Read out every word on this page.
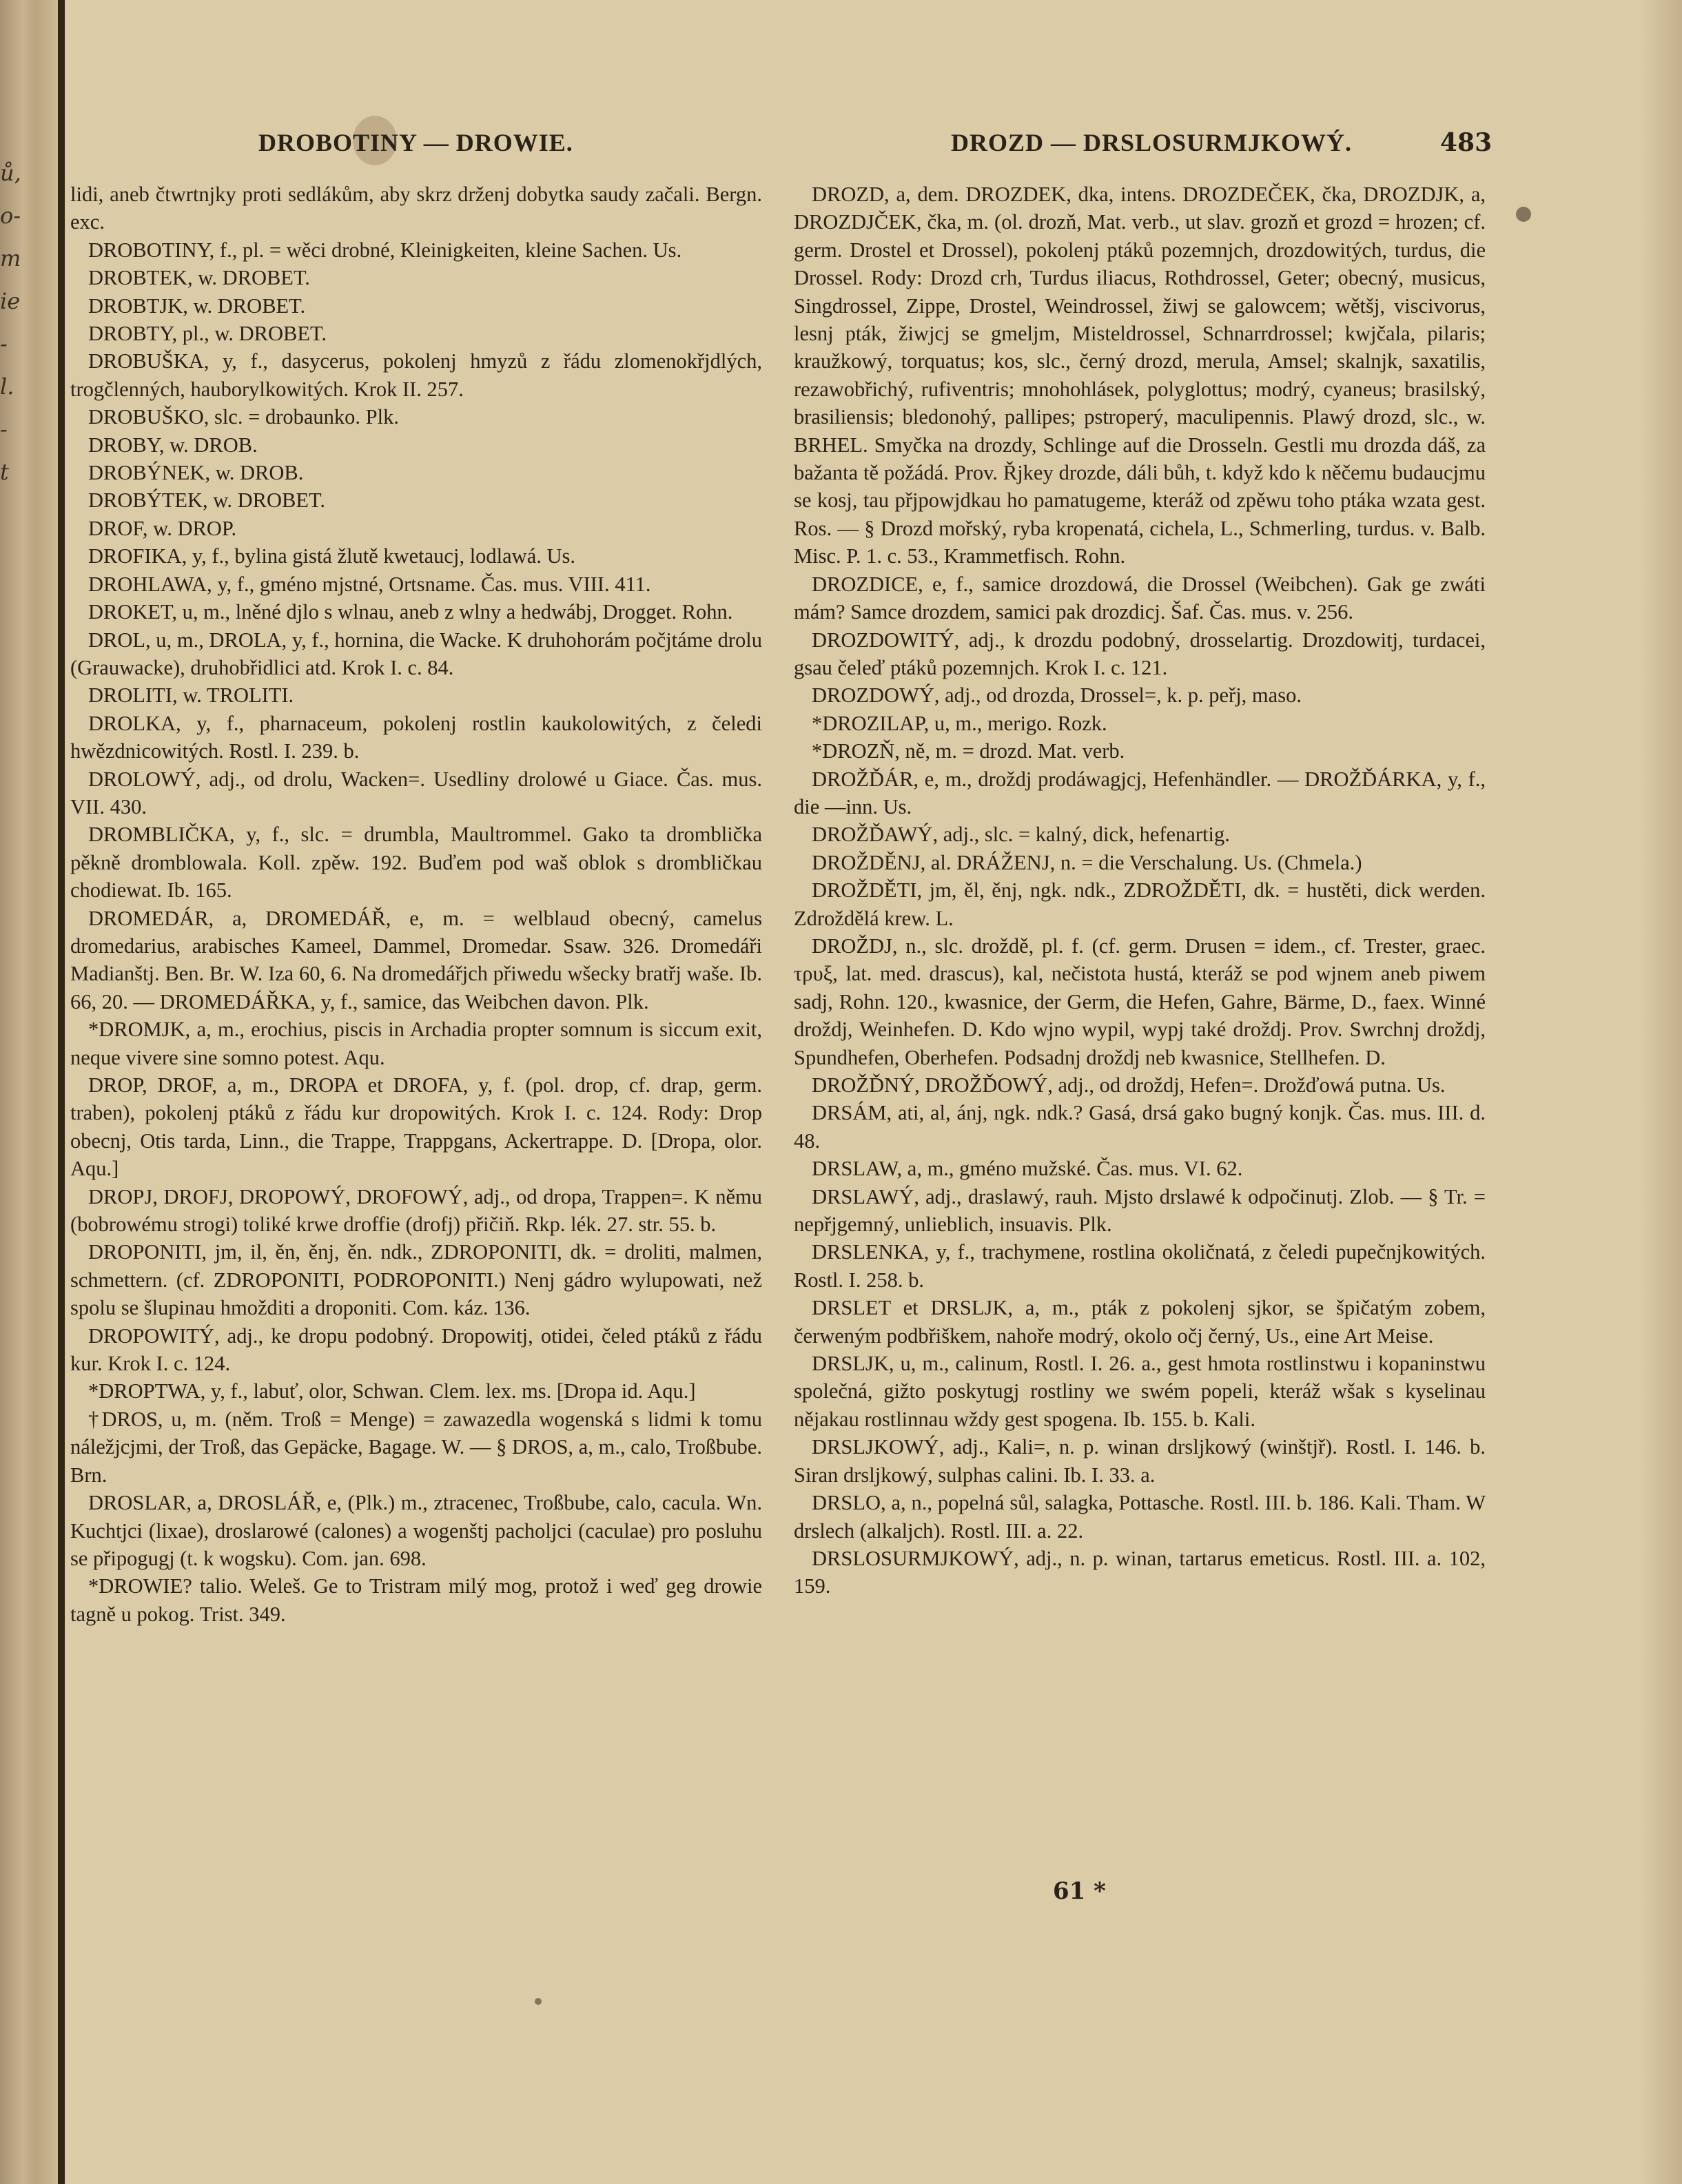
ů,
o-
m
ie
-
l.
-
t
DROBOTINY — DROWIE.	DROZD — DRSLOSURMJKOWÝ.	483

lidi, aneb čtwrtnjky proti sedlákům, aby skrz drženj dobytka saudy začali. Bergn. exc.

DROBOTINY, f., pl. = wěci drobné, Kleinigkeiten, kleine Sachen. Us.

DROBTEK, w. DROBET.

DROBTJK, w. DROBET.

DROBTY, pl., w. DROBET.

DROBUŠKA, y, f., dasycerus, pokolenj hmyzů z řádu zlomenokřjdlých, trogčlenných, hauborylkowitých. Krok II. 257.

DROBUŠKO, slc. = drobaunko. Plk.

DROBY, w. DROB.

DROBÝNEK, w. DROB.

DROBÝTEK, w. DROBET.

DROF, w. DROP.

DROFIKA, y, f., bylina gistá žlutě kwetaucj, lodlawá. Us.

DROHLAWA, y, f., gméno mjstné, Ortsname. Čas. mus. VIII. 411.

DROKET, u, m., lněné djlo s wlnau, aneb z wlny a hedwábj, Drogget. Rohn.

DROL, u, m., DROLA, y, f., hornina, die Wacke. K druhohorám počjtáme drolu (Grauwacke), druhobřidlici atd. Krok I. c. 84.

DROLITI, w. TROLITI.

DROLKA, y, f., pharnaceum, pokolenj rostlin kaukolowitých, z čeledi hwězdnicowitých. Rostl. I. 239. b.

DROLOWÝ, adj., od drolu, Wacken=. Usedliny drolowé u Giace. Čas. mus. VII. 430.

DROMBLIČKA, y, f., slc. = drumbla, Maultrommel. Gako ta dromblička pěkně dromblowala. Koll. zpěw. 192. Buďem pod waš oblok s drombličkau chodiewat. Ib. 165.

DROMEDÁR, a, DROMEDÁŘ, e, m. = welblaud obecný, camelus dromedarius, arabisches Kameel, Dammel, Dromedar. Ssaw. 326. Dromedáři Madianštj. Ben. Br. W. Iza 60, 6. Na dromedářjch přiwedu wšecky bratřj waše. Ib. 66, 20. — DROMEDÁŘKA, y, f., samice, das Weibchen davon. Plk.

*DROMJK, a, m., erochius, piscis in Archadia propter somnum is siccum exit, neque vivere sine somno potest. Aqu.

DROP, DROF, a, m., DROPA et DROFA, y, f. (pol. drop, cf. drap, germ. traben), pokolenj ptáků z řádu kur dropowitých. Krok I. c. 124. Rody: Drop obecnj, Otis tarda, Linn., die Trappe, Trappgans, Ackertrappe. D. [Dropa, olor. Aqu.]

DROPJ, DROFJ, DROPOWÝ, DROFOWÝ, adj., od dropa, Trappen=. K němu (bobrowému strogi) toliké krwe droffie (drofj) přičiň. Rkp. lék. 27. str. 55. b.

DROPONITI, jm, il, ěn, ěnj, ěn. ndk., ZDROPONITI, dk. = droliti, malmen, schmettern. (cf. ZDROPONITI, PODROPONITI.) Nenj gádro wylupowati, než spolu se šlupinau hmožditi a droponiti. Com. káz. 136.

DROPOWITÝ, adj., ke dropu podobný. Dropowitj, otidei, čeled ptáků z řádu kur. Krok I. c. 124.

*DROPTWA, y, f., labuť, olor, Schwan. Clem. lex. ms. [Dropa id. Aqu.]

†DROS, u, m. (něm. Troß = Menge) = zawazedla wogenská s lidmi k tomu náležjcjmi, der Troß, das Gepäcke, Bagage. W. — § DROS, a, m., calo, Troßbube. Brn.

DROSLAR, a, DROSLÁŘ, e, (Plk.) m., ztracenec, Troßbube, calo, cacula. Wn. Kuchtjci (lixae), droslarowé (calones) a wogenštj pacholjci (caculae) pro posluhu se připogugj (t. k wogsku). Com. jan. 698.

*DROWIE? talio. Weleš. Ge to Tristram milý mog, protož i weď geg drowie tagně u pokog. Trist. 349.

DROZD, a, dem. DROZDEK, dka, intens. DROZDEČEK, čka, DROZDJK, a, DROZDJČEK, čka, m. (ol. drozň, Mat. verb., ut slav. grozň et grozd = hrozen; cf. germ. Drostel et Drossel), pokolenj ptáků pozemnjch, drozdowitých, turdus, die Drossel. Rody: Drozd crh, Turdus iliacus, Rothdrossel, Geter; obecný, musicus, Singdrossel, Zippe, Drostel, Weindrossel, žiwj se galowcem; wětšj, viscivorus, lesnj pták, žiwjcj se gmeljm, Misteldrossel, Schnarrdrossel; kwjčala, pilaris; kraužkowý, torquatus; kos, slc., černý drozd, merula, Amsel; skalnjk, saxatilis, rezawobřichý, rufiventris; mnohohlásek, polyglottus; modrý, cyaneus; brasilský, brasiliensis; bledonohý, pallipes; pstroperý, maculipennis. Plawý drozd, slc., w. BRHEL. Smyčka na drozdy, Schlinge auf die Drosseln. Gestli mu drozda dáš, za bažanta tě požádá. Prov. Řjkey drozde, dáli bůh, t. když kdo k něčemu budaucjmu se kosj, tau přjpowjdkau ho pamatugeme, kteráž od zpěwu toho ptáka wzata gest. Ros. — § Drozd mořský, ryba kropenatá, cichela, L., Schmerling, turdus. v. Balb. Misc. P. 1. c. 53., Krammetfisch. Rohn.

DROZDICE, e, f., samice drozdowá, die Drossel (Weibchen). Gak ge zwáti mám? Samce drozdem, samici pak drozdicj. Šaf. Čas. mus. v. 256.

DROZDOWITÝ, adj., k drozdu podobný, drosselartig. Drozdowitj, turdacei, gsau čeleď ptáků pozemnjch. Krok I. c. 121.

DROZDOWÝ, adj., od drozda, Drossel=, k. p. peřj, maso.

*DROZILAP, u, m., merigo. Rozk.

*DROZŇ, ně, m. = drozd. Mat. verb.

DROŽĎÁR, e, m., droždj prodáwagjcj, Hefenhändler. — DROŽĎÁRKA, y, f., die —inn. Us.

DROŽĎAWÝ, adj., slc. = kalný, dick, hefenartig.

DROŽDĚNJ, al. DRÁŽENJ, n. = die Verschalung. Us. (Chmela.)

DROŽDĚTI, jm, ěl, ěnj, ngk. ndk., ZDROŽDĚTI, dk. = hustěti, dick werden. Zdroždělá krew. L.

DROŽDJ, n., slc. droždě, pl. f. (cf. germ. Drusen = idem., cf. Trester, graec. τρυξ, lat. med. drascus), kal, nečistota hustá, kteráž se pod wjnem aneb piwem sadj, Rohn. 120., kwasnice, der Germ, die Hefen, Gahre, Bärme, D., faex. Winné droždj, Weinhefen. D. Kdo wjno wypil, wypj také droždj. Prov. Swrchnj droždj, Spundhefen, Oberhefen. Podsadnj droždj neb kwasnice, Stellhefen. D.

DROŽĎNÝ, DROŽĎOWÝ, adj., od droždj, Hefen=. Drožďowá putna. Us.

DRSÁM, ati, al, ánj, ngk. ndk.? Gasá, drsá gako bugný konjk. Čas. mus. III. d. 48.

DRSLAW, a, m., gméno mužské. Čas. mus. VI. 62.

DRSLAWÝ, adj., draslawý, rauh. Mjsto drslawé k odpočinutj. Zlob. — § Tr. = nepřjgemný, unlieblich, insuavis. Plk.

DRSLENKA, y, f., trachymene, rostlina okoličnatá, z čeledi pupečnjkowitých. Rostl. I. 258. b.

DRSLET et DRSLJK, a, m., pták z pokolenj sjkor, se špičatým zobem, čerweným podbřiškem, nahoře modrý, okolo očj černý, Us., eine Art Meise.

DRSLJK, u, m., calinum, Rostl. I. 26. a., gest hmota rostlinstwu i kopaninstwu společná, gižto poskytugj rostliny we swém popeli, kteráž wšak s kyselinau nějakau rostlinnau wždy gest spogena. Ib. 155. b. Kali.

DRSLJKOWÝ, adj., Kali=, n. p. winan drsljkowý (winštjř). Rostl. I. 146. b. Siran drsljkowý, sulphas calini. Ib. I. 33. a.

DRSLO, a, n., popelná sůl, salagka, Pottasche. Rostl. III. b. 186. Kali. Tham. W drslech (alkaljch). Rostl. III. a. 22.

DRSLOSURMJKOWÝ, adj., n. p. winan, tartarus emeticus. Rostl. III. a. 102, 159.

61 *
